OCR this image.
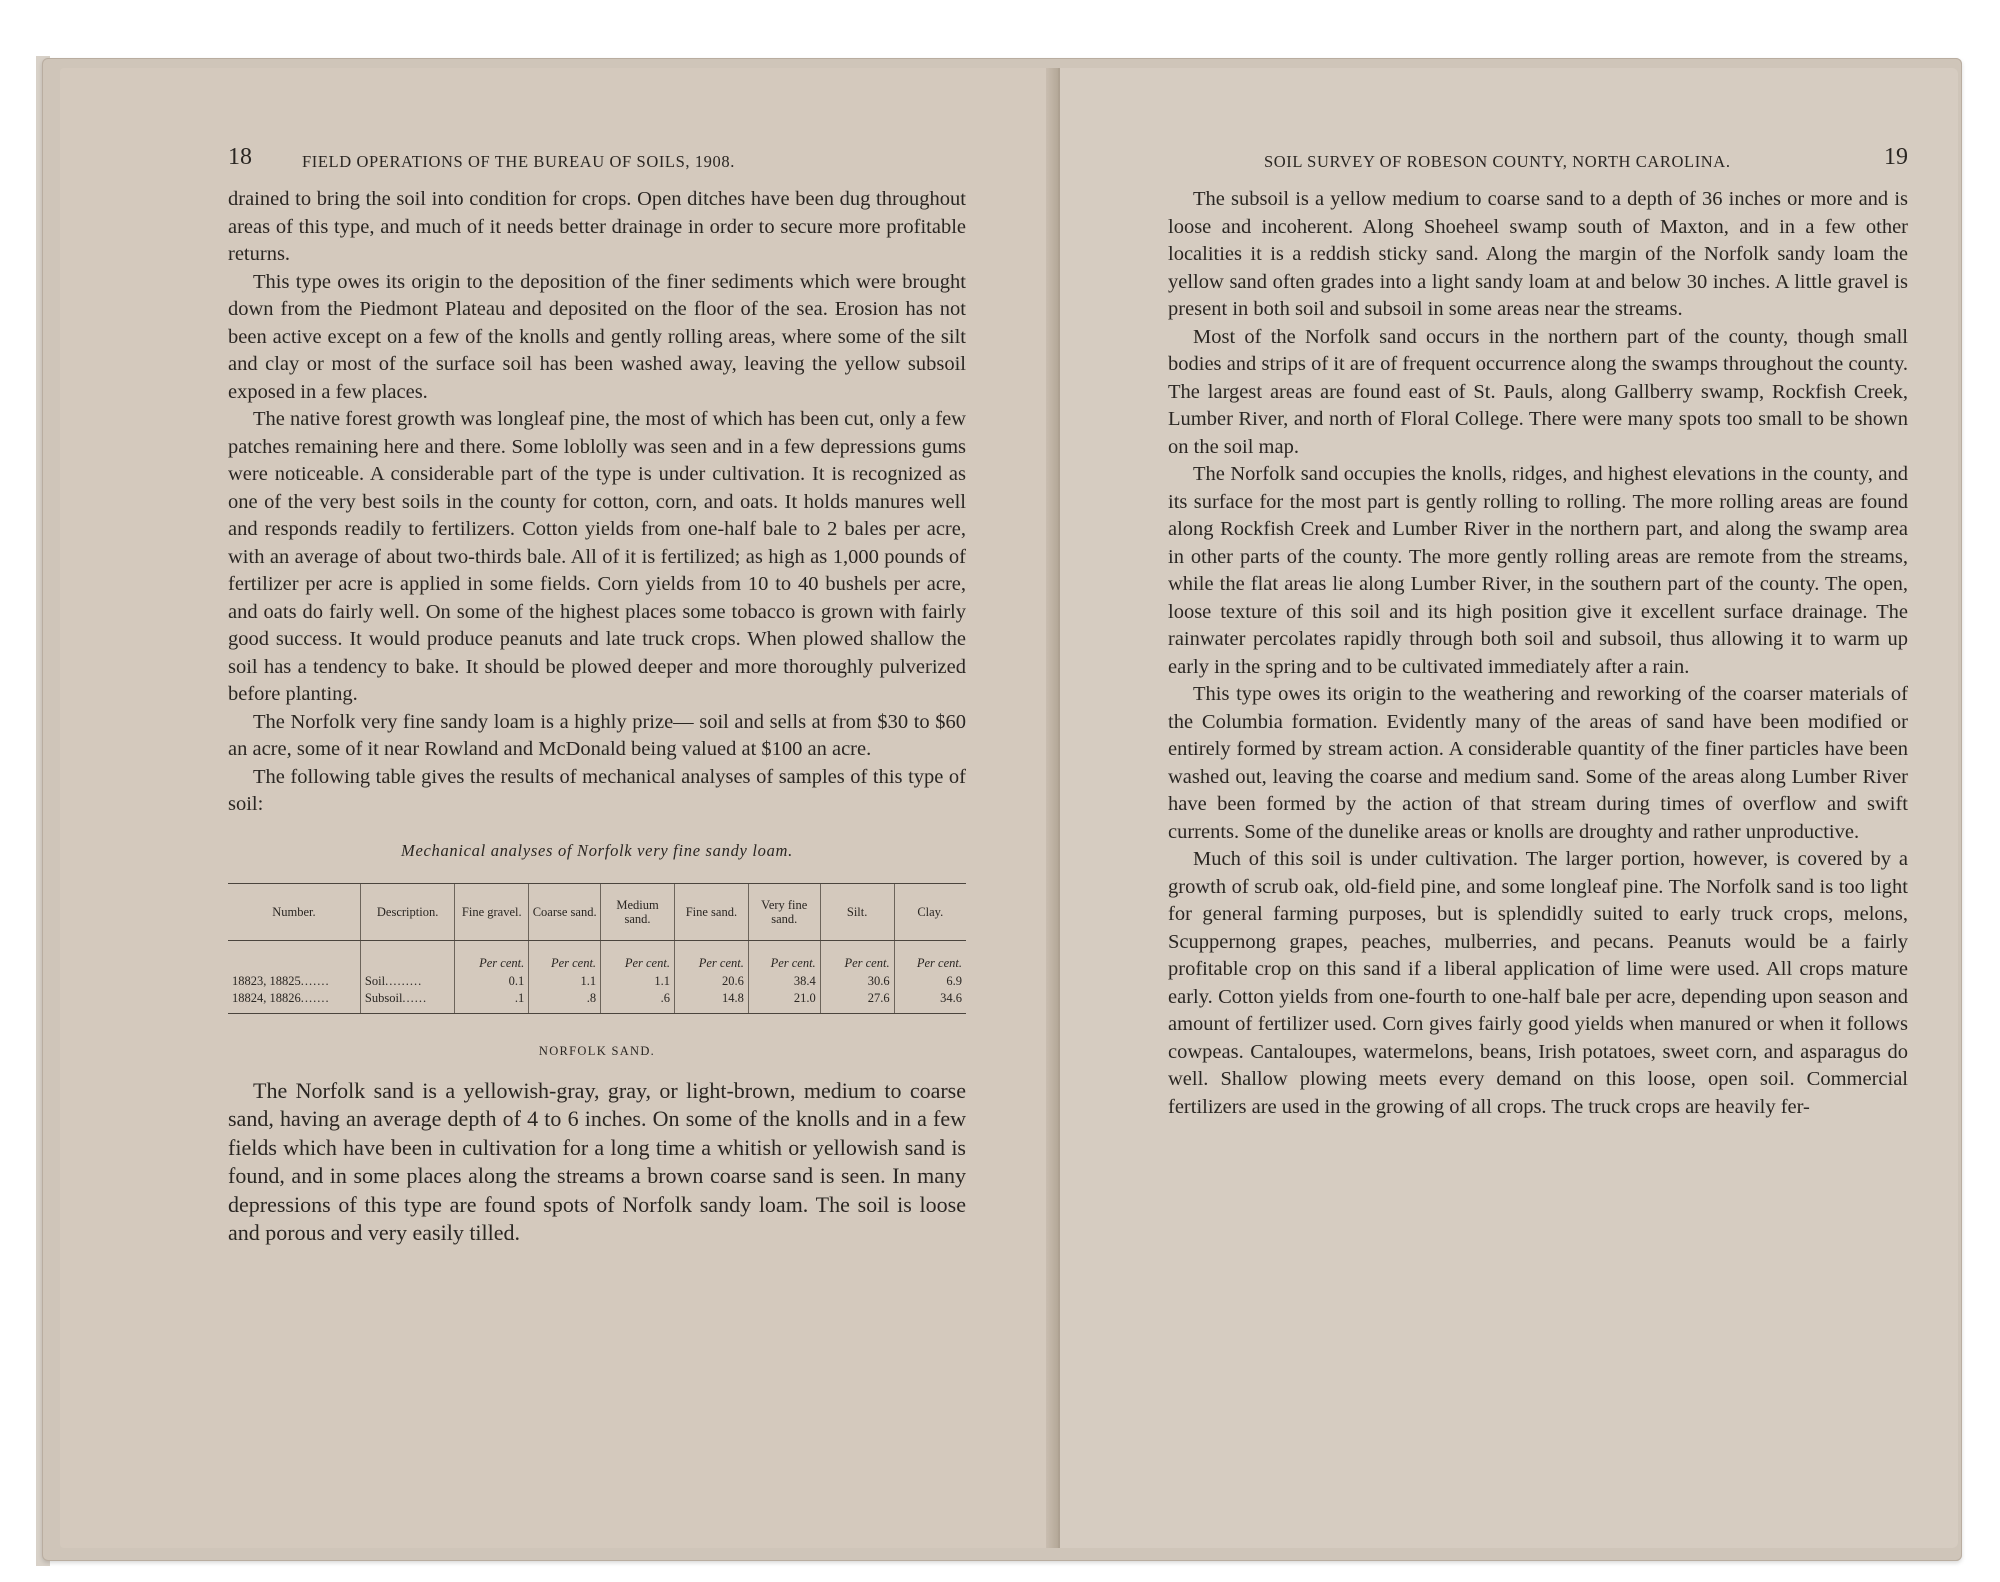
18	FIELD OPERATIONS OF THE BUREAU OF SOILS, 1908.

drained to bring the soil into condition for crops. Open ditches have been dug throughout areas of this type, and much of it needs better drainage in order to secure more profitable returns.

This type owes its origin to the deposition of the finer sediments which were brought down from the Piedmont Plateau and deposited on the floor of the sea. Erosion has not been active except on a few of the knolls and gently rolling areas, where some of the silt and clay or most of the surface soil has been washed away, leaving the yellow subsoil exposed in a few places.

The native forest growth was longleaf pine, the most of which has been cut, only a few patches remaining here and there. Some loblolly was seen and in a few depressions gums were noticeable. A considerable part of the type is under cultivation. It is recognized as one of the very best soils in the county for cotton, corn, and oats. It holds manures well and responds readily to fertilizers. Cotton yields from one-half bale to 2 bales per acre, with an average of about two-thirds bale. All of it is fertilized; as high as 1,000 pounds of fertilizer per acre is applied in some fields. Corn yields from 10 to 40 bushels per acre, and oats do fairly well. On some of the highest places some tobacco is grown with fairly good success. It would produce peanuts and late truck crops. When plowed shallow the soil has a tendency to bake. It should be plowed deeper and more thoroughly pulverized before planting.

The Norfolk very fine sandy loam is a highly prize— soil and sells at from $30 to $60 an acre, some of it near Rowland and McDonald being valued at $100 an acre.

The following table gives the results of mechanical analyses of samples of this type of soil:

Mechanical analyses of Norfolk very fine sandy loam.
Number.	Description.	Fine gravel.	Coarse sand.	Medium sand.	Fine sand.	Very fine sand.	Silt.	Clay.
		Per cent.	Per cent.	Per cent.	Per cent.	Per cent.	Per cent.	Per cent.
18823, 18825.......	Soil.........	0.1	1.1	1.1	20.6	38.4	30.6	6.9
18824, 18826.......	Subsoil......	.1	.8	.6	14.8	21.0	27.6	34.6
NORFOLK SAND.

The Norfolk sand is a yellowish-gray, gray, or light-brown, medium to coarse sand, having an average depth of 4 to 6 inches. On some of the knolls and in a few fields which have been in cultivation for a long time a whitish or yellowish sand is found, and in some places along the streams a brown coarse sand is seen. In many depressions of this type are found spots of Norfolk sandy loam. The soil is loose and porous and very easily tilled.

SOIL SURVEY OF ROBESON COUNTY, NORTH CAROLINA.	19

The subsoil is a yellow medium to coarse sand to a depth of 36 inches or more and is loose and incoherent. Along Shoeheel swamp south of Maxton, and in a few other localities it is a reddish sticky sand. Along the margin of the Norfolk sandy loam the yellow sand often grades into a light sandy loam at and below 30 inches. A little gravel is present in both soil and subsoil in some areas near the streams.

Most of the Norfolk sand occurs in the northern part of the county, though small bodies and strips of it are of frequent occurrence along the swamps throughout the county. The largest areas are found east of St. Pauls, along Gallberry swamp, Rockfish Creek, Lumber River, and north of Floral College. There were many spots too small to be shown on the soil map.

The Norfolk sand occupies the knolls, ridges, and highest elevations in the county, and its surface for the most part is gently rolling to rolling. The more rolling areas are found along Rockfish Creek and Lumber River in the northern part, and along the swamp area in other parts of the county. The more gently rolling areas are remote from the streams, while the flat areas lie along Lumber River, in the southern part of the county. The open, loose texture of this soil and its high position give it excellent surface drainage. The rainwater percolates rapidly through both soil and subsoil, thus allowing it to warm up early in the spring and to be cultivated immediately after a rain.

This type owes its origin to the weathering and reworking of the coarser materials of the Columbia formation. Evidently many of the areas of sand have been modified or entirely formed by stream action. A considerable quantity of the finer particles have been washed out, leaving the coarse and medium sand. Some of the areas along Lumber River have been formed by the action of that stream during times of overflow and swift currents. Some of the dunelike areas or knolls are droughty and rather unproductive.

Much of this soil is under cultivation. The larger portion, however, is covered by a growth of scrub oak, old-field pine, and some longleaf pine. The Norfolk sand is too light for general farming purposes, but is splendidly suited to early truck crops, melons, Scuppernong grapes, peaches, mulberries, and pecans. Peanuts would be a fairly profitable crop on this sand if a liberal application of lime were used. All crops mature early. Cotton yields from one-fourth to one-half bale per acre, depending upon season and amount of fertilizer used. Corn gives fairly good yields when manured or when it follows cowpeas. Cantaloupes, watermelons, beans, Irish potatoes, sweet corn, and asparagus do well. Shallow plowing meets every demand on this loose, open soil. Commercial fertilizers are used in the growing of all crops. The truck crops are heavily fer-
